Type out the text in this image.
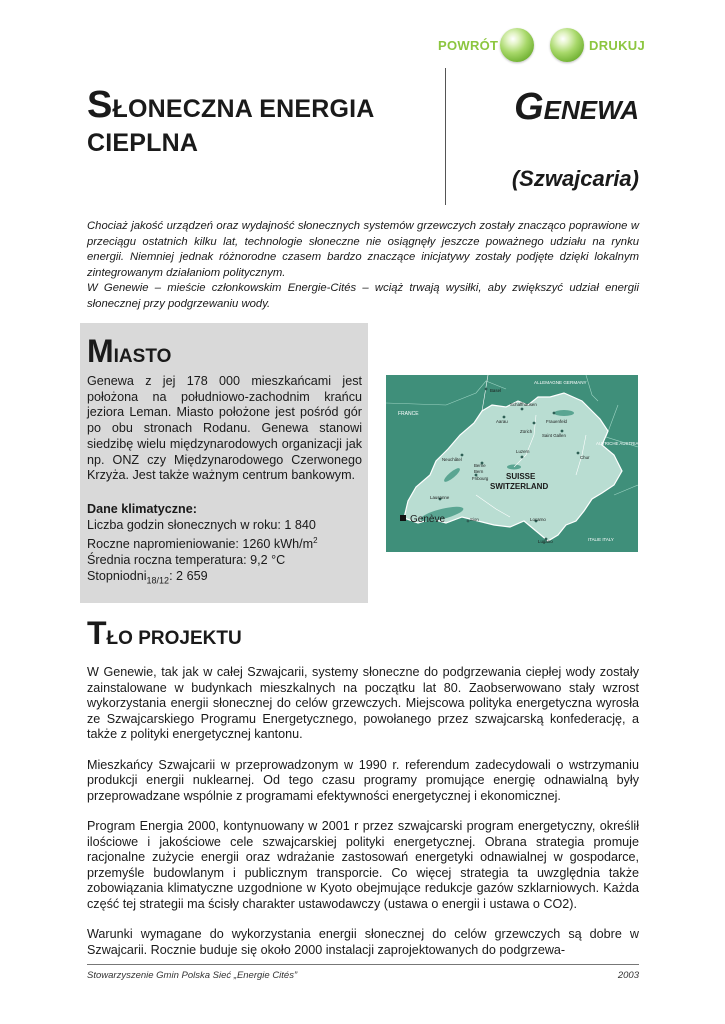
POWRÓT	DRUKUJ
SŁONECZNA ENERGIA
CIEPLNA
GENEWA
(Szwajcaria)

Chociaż jakość urządzeń oraz wydajność słonecznych systemów grzewczych zostały znacząco poprawione w przeciągu ostatnich kilku lat, technologie słoneczne nie osiągnęły jeszcze poważnego udziału na rynku energii. Niemniej jednak różnorodne czasem bardzo znaczące inicjatywy zostały podjęte dzięki lokalnym zintegrowanym działaniom politycznym.

W Genewie – mieście członkowskim Energie-Cités – wciąż trwają wysiłki, aby zwiększyć udział energii słonecznej przy podgrzewaniu wody.

MIASTO

Genewa z jej 178 000 mieszkańcami jest położona na południowo-zachodnim krańcu jeziora Leman. Miasto położone jest pośród gór po obu stronach Rodanu. Genewa stanowi siedzibę wielu międzynarodowych organizacji jak np. ONZ czy Międzynarodowego Czerwonego Krzyża. Jest także ważnym centrum bankowym.

Dane klimatyczne:
Liczba godzin słonecznych w roku: 1 840
Roczne napromieniowanie: 1260 kWh/$m^2$
Średnia roczna temperatura: 9,2 °C
Stopniodni$_{18/12}$: 2 659
ALLEMAGNE GERMANY
FRANCE
AUTRICHE AUSTRIA
ITALIE ITALY
SUISSE
SWITZERLAND
Genève
Basel
Schaffhausen
Frauenfeld
Zürich
Aarau
Saint Gallen
Neuchâtel
Berne
Bern
Fribourg
Luzern
Chur
Lausanne
Sion	Locarno
Lugano
TŁO PROJEKTU

W Genewie, tak jak w całej Szwajcarii, systemy słoneczne do podgrzewania ciepłej wody zostały zainstalowane w budynkach mieszkalnych na początku lat 80. Zaobserwowano stały wzrost wykorzystania energii słonecznej do celów grzewczych. Miejscowa polityka energetyczna wyrosła ze Szwajcarskiego Programu Energetycznego, powołanego przez szwajcarską konfederację, a także z polityki energetycznej kantonu.

Mieszkańcy Szwajcarii w przeprowadzonym w 1990 r. referendum zadecydowali o wstrzymaniu produkcji energii nuklearnej. Od tego czasu programy promujące energię odnawialną były przeprowadzane wspólnie z programami efektywności energetycznej i ekonomicznej.

Program Energia 2000, kontynuowany w 2001 r przez szwajcarski program energetyczny, określił ilościowe i jakościowe cele szwajcarskiej polityki energetycznej. Obrana strategia promuje racjonalne zużycie energii oraz wdrażanie zastosowań energetyki odnawialnej w gospodarce, przemyśle budowlanym i publicznym transporcie. Co więcej strategia ta uwzględnia także zobowiązania klimatyczne uzgodnione w Kyoto obejmujące redukcje gazów szklarniowych. Każda część tej strategii ma ścisły charakter ustawodawczy (ustawa o energii i ustawa o CO2).

Warunki wymagane do wykorzystania energii słonecznej do celów grzewczych są dobre w Szwajcarii. Rocznie buduje się około 2000 instalacji zaprojektowanych do podgrzewa-

Stowarzyszenie Gmin Polska Sieć „Energie Cités”	2003
